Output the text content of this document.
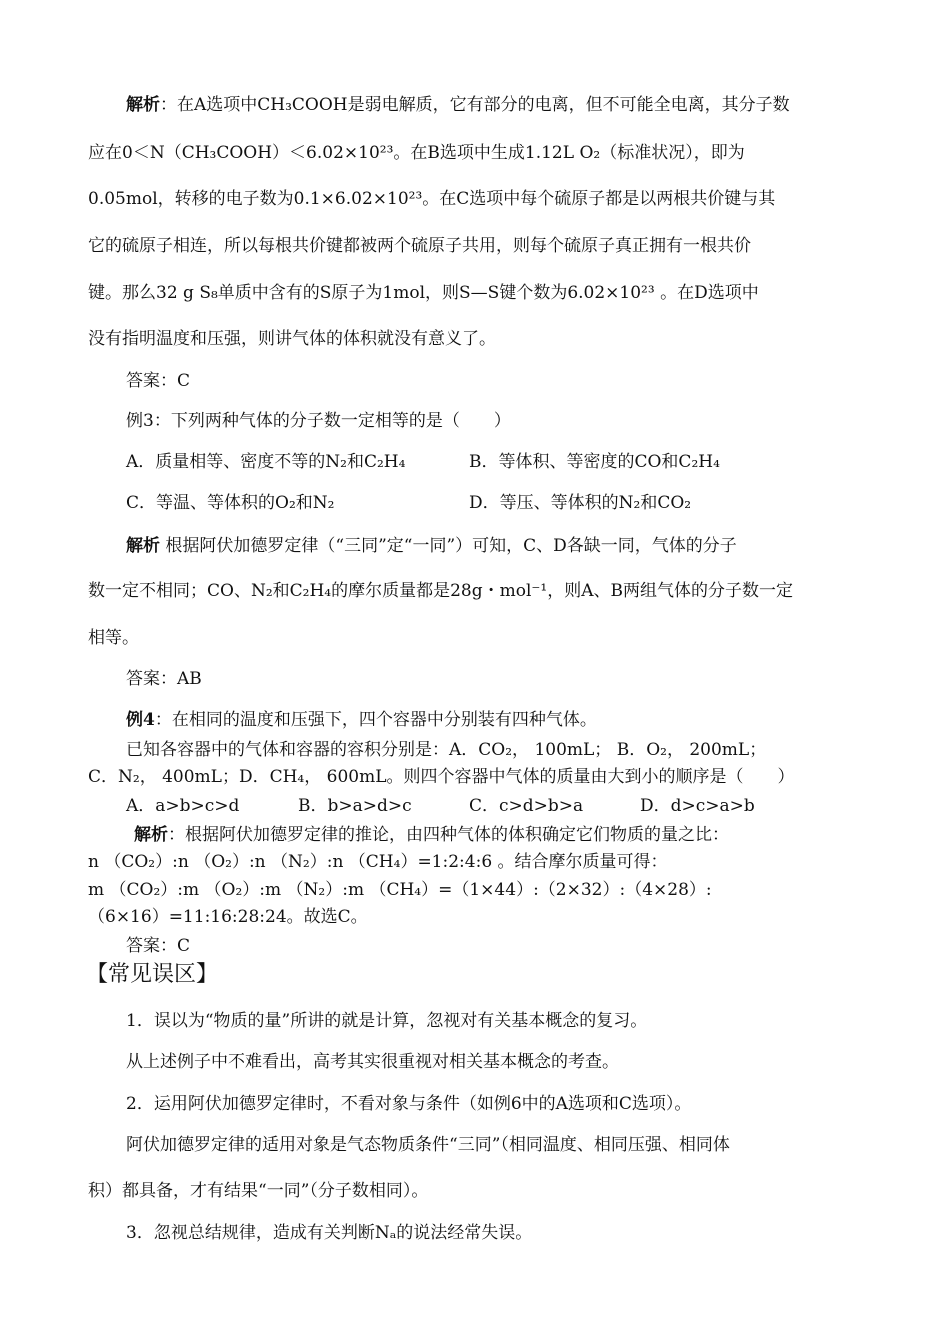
解析：在A选项中CH₃COOH是弱电解质，它有部分的电离，但不可能全电离，其分子数
应在0＜N（CH₃COOH）＜6.02×10²³。在B选项中生成1.12L O₂（标准状况），即为
0.05mol，转移的电子数为0.1×6.02×10²³。在C选项中每个硫原子都是以两根共价键与其
它的硫原子相连，所以每根共价键都被两个硫原子共用，则每个硫原子真正拥有一根共价
键。那么32 g S₈单质中含有的S原子为1mol，则S—S键个数为6.02×10²³ 。在D选项中
没有指明温度和压强，则讲气体的体积就没有意义了。
答案：C
例3：下列两种气体的分子数一定相等的是（　　）
A．质量相等、密度不等的N₂和C₂H₄	B．等体积、等密度的CO和C₂H₄
C．等温、等体积的O₂和N₂	D．等压、等体积的N₂和CO₂
解析 根据阿伏加德罗定律（“三同”定“一同”）可知，C、D各缺一同，气体的分子
数一定不相同；CO、N₂和C₂H₄的摩尔质量都是28g・mol⁻¹，则A、B两组气体的分子数一定
相等。
答案：AB
例4：在相同的温度和压强下，四个容器中分别装有四种气体。
已知各容器中的气体和容器的容积分别是：A．CO₂， 100mL； B．O₂， 200mL；
C．N₂， 400mL；D．CH₄， 600mL。则四个容器中气体的质量由大到小的顺序是（　　）
A．a>b>c>d	B．b>a>d>c	C．c>d>b>a	D．d>c>a>b
解析：根据阿伏加德罗定律的推论，由四种气体的体积确定它们物质的量之比：
n （CO₂）:n （O₂）:n （N₂）:n （CH₄）=1:2:4:6 。结合摩尔质量可得：
m （CO₂）:m （O₂）:m （N₂）:m （CH₄）=（1×44）:（2×32）:（4×28）:
（6×16）=11:16:28:24。故选C。
答案：C
【常见误区】
1．误以为“物质的量”所讲的就是计算，忽视对有关基本概念的复习。
从上述例子中不难看出，高考其实很重视对相关基本概念的考查。
2．运用阿伏加德罗定律时，不看对象与条件（如例6中的A选项和C选项）。
阿伏加德罗定律的适用对象是气态物质条件“三同”（相同温度、相同压强、相同体
积）都具备，才有结果“一同”（分子数相同）。
3．忽视总结规律，造成有关判断Nₐ的说法经常失误。
